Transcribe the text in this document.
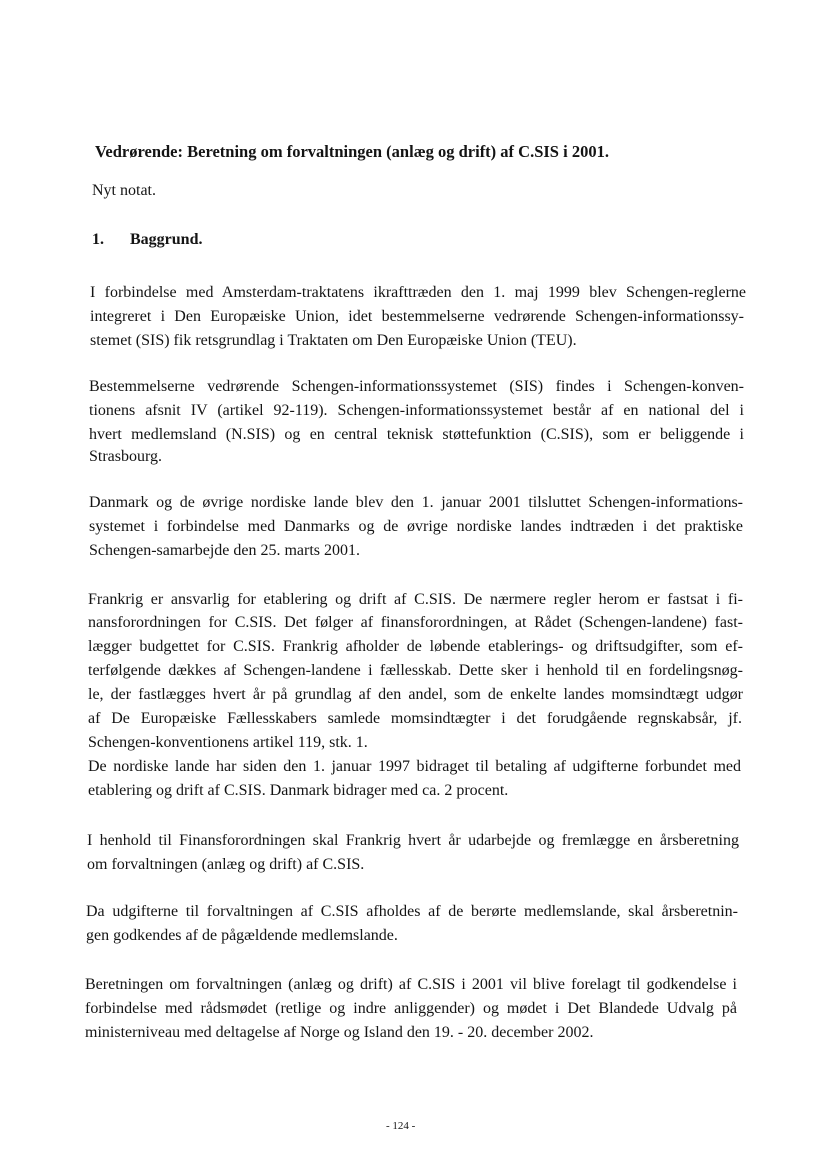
Vedrørende: Beretning om forvaltningen (anlæg og drift) af C.SIS i 2001.
Nyt notat.
1. Baggrund.
I forbindelse med Amsterdam-traktatens ikrafttræden den 1. maj 1999 blev Schengen-reglerne
integreret i Den Europæiske Union, idet bestemmelserne vedrørende Schengen-informationssy-
stemet (SIS) fik retsgrundlag i Traktaten om Den Europæiske Union (TEU).
Bestemmelserne vedrørende Schengen-informationssystemet (SIS) findes i Schengen-konven-
tionens afsnit IV (artikel 92-119). Schengen-informationssystemet består af en national del i
hvert medlemsland (N.SIS) og en central teknisk støttefunktion (C.SIS), som er beliggende i
Strasbourg.
Danmark og de øvrige nordiske lande blev den 1. januar 2001 tilsluttet Schengen-informations-
systemet i forbindelse med Danmarks og de øvrige nordiske landes indtræden i det praktiske
Schengen-samarbejde den 25. marts 2001.
Frankrig er ansvarlig for etablering og drift af C.SIS. De nærmere regler herom er fastsat i fi-
nansforordningen for C.SIS. Det følger af finansforordningen, at Rådet (Schengen-landene) fast-
lægger budgettet for C.SIS. Frankrig afholder de løbende etablerings- og driftsudgifter, som ef-
terfølgende dækkes af Schengen-landene i fællesskab. Dette sker i henhold til en fordelingsnøg-
le, der fastlægges hvert år på grundlag af den andel, som de enkelte landes momsindtægt udgør
af De Europæiske Fællesskabers samlede momsindtægter i det forudgående regnskabsår, jf.
Schengen-konventionens artikel 119, stk. 1.
De nordiske lande har siden den 1. januar 1997 bidraget til betaling af udgifterne forbundet med
etablering og drift af C.SIS. Danmark bidrager med ca. 2 procent.
I henhold til Finansforordningen skal Frankrig hvert år udarbejde og fremlægge en årsberetning
om forvaltningen (anlæg og drift) af C.SIS.
Da udgifterne til forvaltningen af C.SIS afholdes af de berørte medlemslande, skal årsberetnin-
gen godkendes af de pågældende medlemslande.
Beretningen om forvaltningen (anlæg og drift) af C.SIS i 2001 vil blive forelagt til godkendelse i
forbindelse med rådsmødet (retlige og indre anliggender) og mødet i Det Blandede Udvalg på
ministerniveau med deltagelse af Norge og Island den 19. - 20. december 2002.
- 124 -
